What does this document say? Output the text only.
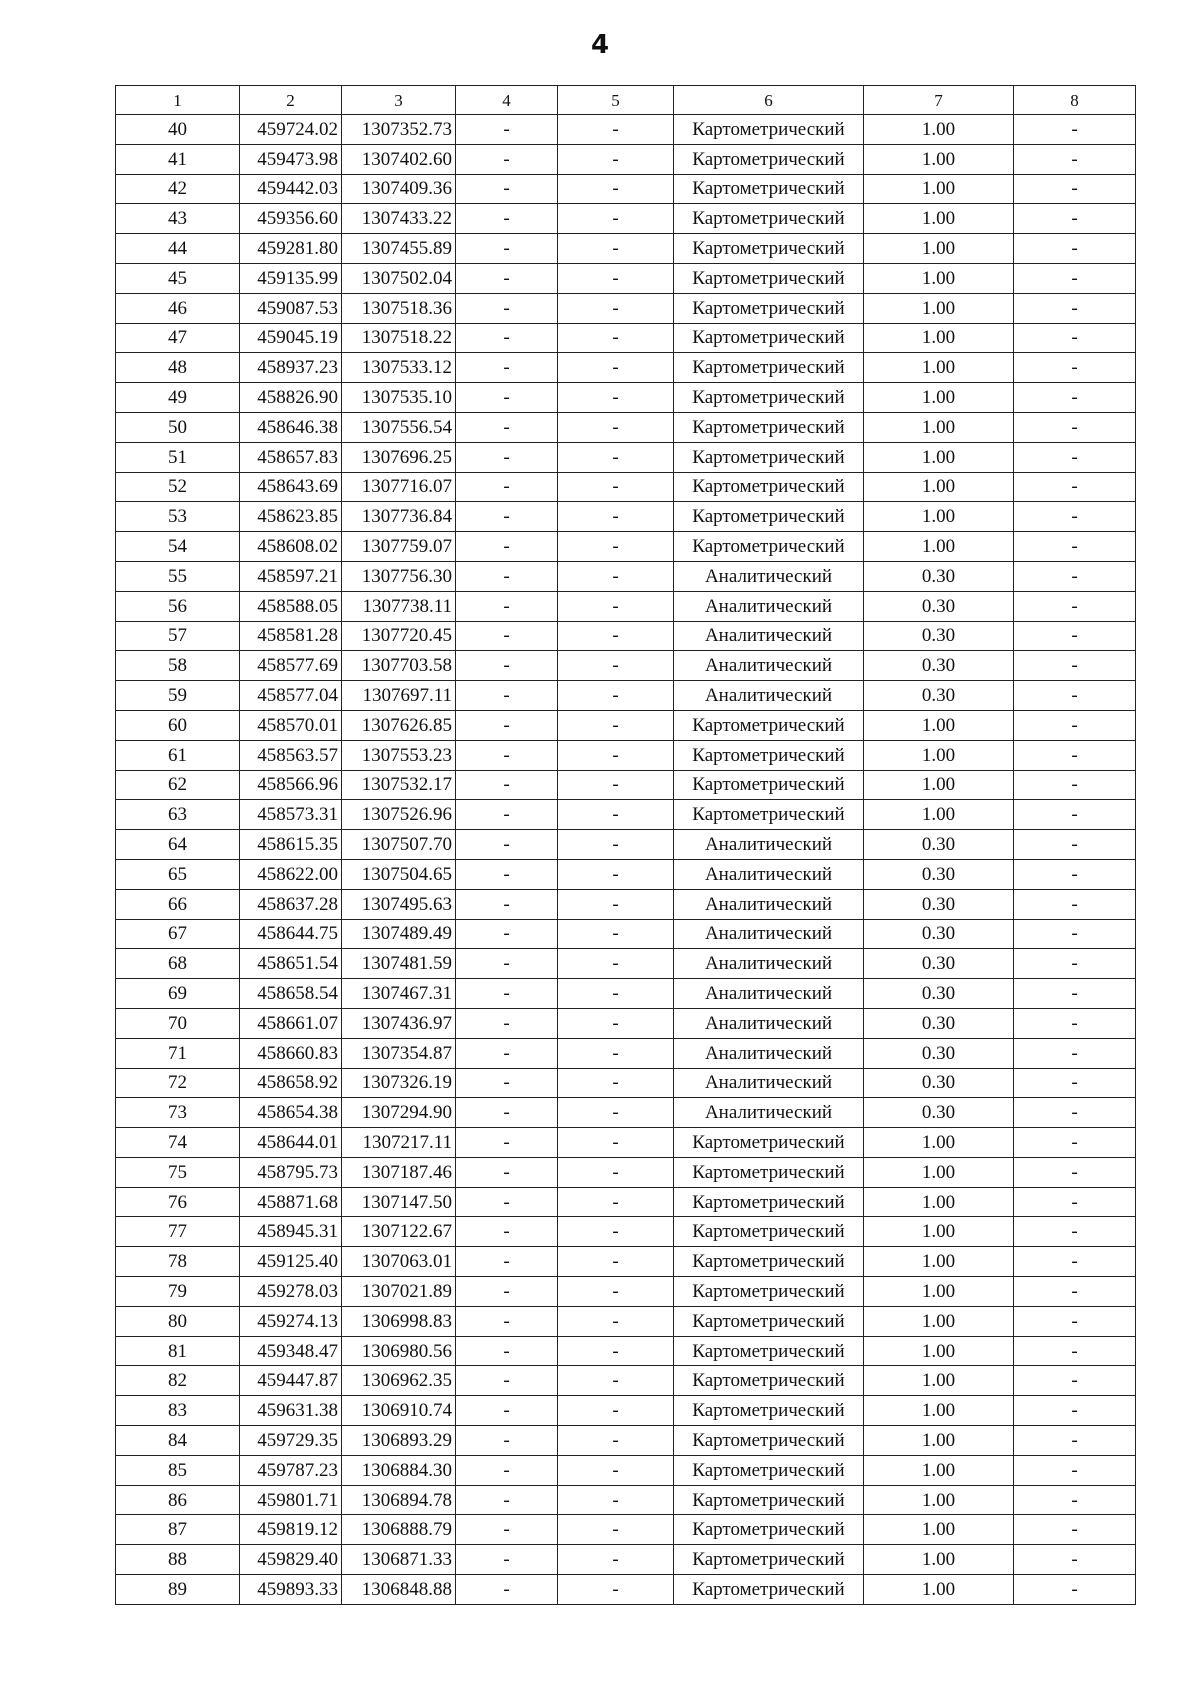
4
1	2	3	4	5	6	7	8
40	459724.02	1307352.73	-	-	Картометрический	1.00	-
41	459473.98	1307402.60	-	-	Картометрический	1.00	-
42	459442.03	1307409.36	-	-	Картометрический	1.00	-
43	459356.60	1307433.22	-	-	Картометрический	1.00	-
44	459281.80	1307455.89	-	-	Картометрический	1.00	-
45	459135.99	1307502.04	-	-	Картометрический	1.00	-
46	459087.53	1307518.36	-	-	Картометрический	1.00	-
47	459045.19	1307518.22	-	-	Картометрический	1.00	-
48	458937.23	1307533.12	-	-	Картометрический	1.00	-
49	458826.90	1307535.10	-	-	Картометрический	1.00	-
50	458646.38	1307556.54	-	-	Картометрический	1.00	-
51	458657.83	1307696.25	-	-	Картометрический	1.00	-
52	458643.69	1307716.07	-	-	Картометрический	1.00	-
53	458623.85	1307736.84	-	-	Картометрический	1.00	-
54	458608.02	1307759.07	-	-	Картометрический	1.00	-
55	458597.21	1307756.30	-	-	Аналитический	0.30	-
56	458588.05	1307738.11	-	-	Аналитический	0.30	-
57	458581.28	1307720.45	-	-	Аналитический	0.30	-
58	458577.69	1307703.58	-	-	Аналитический	0.30	-
59	458577.04	1307697.11	-	-	Аналитический	0.30	-
60	458570.01	1307626.85	-	-	Картометрический	1.00	-
61	458563.57	1307553.23	-	-	Картометрический	1.00	-
62	458566.96	1307532.17	-	-	Картометрический	1.00	-
63	458573.31	1307526.96	-	-	Картометрический	1.00	-
64	458615.35	1307507.70	-	-	Аналитический	0.30	-
65	458622.00	1307504.65	-	-	Аналитический	0.30	-
66	458637.28	1307495.63	-	-	Аналитический	0.30	-
67	458644.75	1307489.49	-	-	Аналитический	0.30	-
68	458651.54	1307481.59	-	-	Аналитический	0.30	-
69	458658.54	1307467.31	-	-	Аналитический	0.30	-
70	458661.07	1307436.97	-	-	Аналитический	0.30	-
71	458660.83	1307354.87	-	-	Аналитический	0.30	-
72	458658.92	1307326.19	-	-	Аналитический	0.30	-
73	458654.38	1307294.90	-	-	Аналитический	0.30	-
74	458644.01	1307217.11	-	-	Картометрический	1.00	-
75	458795.73	1307187.46	-	-	Картометрический	1.00	-
76	458871.68	1307147.50	-	-	Картометрический	1.00	-
77	458945.31	1307122.67	-	-	Картометрический	1.00	-
78	459125.40	1307063.01	-	-	Картометрический	1.00	-
79	459278.03	1307021.89	-	-	Картометрический	1.00	-
80	459274.13	1306998.83	-	-	Картометрический	1.00	-
81	459348.47	1306980.56	-	-	Картометрический	1.00	-
82	459447.87	1306962.35	-	-	Картометрический	1.00	-
83	459631.38	1306910.74	-	-	Картометрический	1.00	-
84	459729.35	1306893.29	-	-	Картометрический	1.00	-
85	459787.23	1306884.30	-	-	Картометрический	1.00	-
86	459801.71	1306894.78	-	-	Картометрический	1.00	-
87	459819.12	1306888.79	-	-	Картометрический	1.00	-
88	459829.40	1306871.33	-	-	Картометрический	1.00	-
89	459893.33	1306848.88	-	-	Картометрический	1.00	-
